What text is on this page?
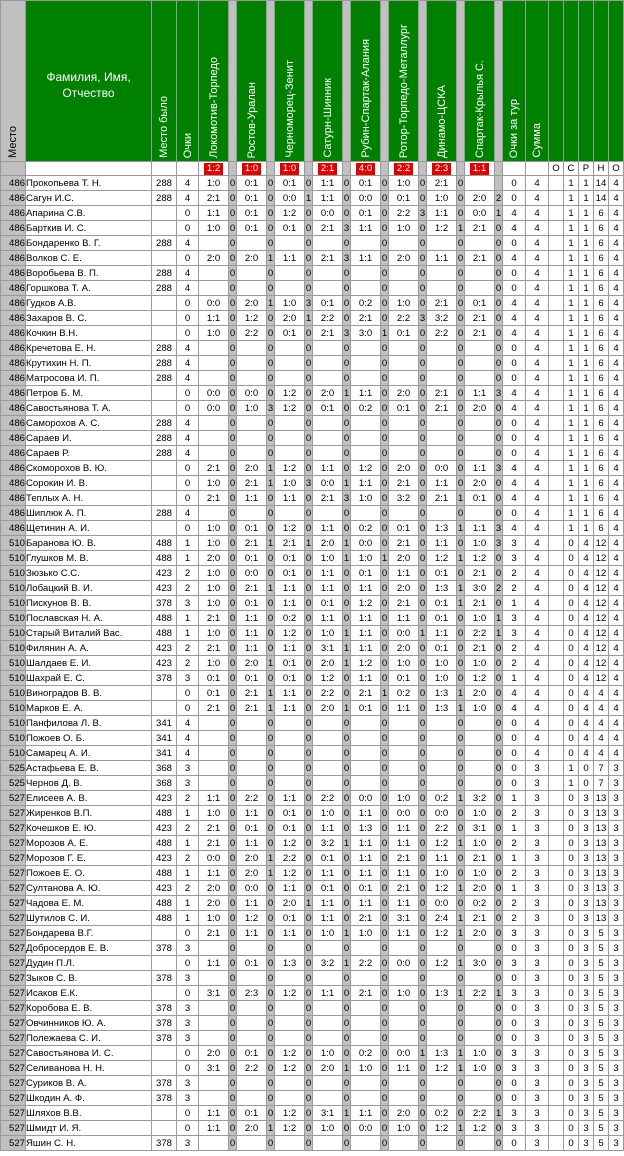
Место	Фамилия, Имя, Отчество	Место было	Очки	Локомотив-Торпедо		Ростов-Уралан		Черноморец-Зенит		Сатурн-Шинник		Рубин-Спартак-Алания		Ротор-Торпедо-Металлург		Динамо-ЦСКА		Спартак-Крылья С.		Очки за тур	Сумма					

				1:2		1:0		1:0		2:1		4:0		2:2		2:3		1:1				О	С	Р	Н	О
486	Прокопьева Т. Н.	288	4	1:0	0	0:1	0	0:1	0	1:1	0	0:1	0	1:0	0	2:1	0			0	4		1	1	14	4
486	Сагун И.С.	288	4	2:1	0	0:1	0	0:0	1	1:1	0	0:0	0	0:1	0	1:0	0	2:0	2	0	4		1	1	14	4
486	Апарина С.В.		0	1:1	0	0:1	0	1:2	0	0:0	0	0:1	0	2:2	3	1:1	0	0:0	1	4	4		1	1	6	4
486	Барткив И. С.		0	1:0	0	0:1	0	0:1	0	2:1	3	1:1	0	1:0	0	1:2	1	2:1	0	4	4		1	1	6	4
486	Бондаренко В. Г.	288	4		0		0		0		0		0		0		0		0	0	4		1	1	6	4
486	Волков С. Е.		0	2:0	0	2:0	1	1:1	0	2:1	3	1:1	0	2:0	0	1:1	0	2:1	0	4	4		1	1	6	4
486	Воробьева В. П.	288	4		0		0		0		0		0		0		0		0	0	4		1	1	6	4
486	Горшкова Т. А.	288	4		0		0		0		0		0		0		0		0	0	4		1	1	6	4
486	Гудков А.В.		0	0:0	0	2:0	1	1:0	3	0:1	0	0:2	0	1:0	0	2:1	0	0:1	0	4	4		1	1	6	4
486	Захаров В. С.		0	1:1	0	1:2	0	2:0	1	2:2	0	2:1	0	2:2	3	3:2	0	2:1	0	4	4		1	1	6	4
486	Кочкин В.Н.		0	1:0	0	2:2	0	0:1	0	2:1	3	3:0	1	0:1	0	2:2	0	2:1	0	4	4		1	1	6	4
486	Кречетова Е. Н.	288	4		0		0		0		0		0		0		0		0	0	4		1	1	6	4
486	Крутихин Н. П.	288	4		0		0		0		0		0		0		0		0	0	4		1	1	6	4
486	Матросова И. П.	288	4		0		0		0		0		0		0		0		0	0	4		1	1	6	4
486	Петров Б. М.		0	0:0	0	0:0	0	1:2	0	2:0	1	1:1	0	2:0	0	2:1	0	1:1	3	4	4		1	1	6	4
486	Савостьянова Т. А.		0	0:0	0	1:0	3	1:2	0	0:1	0	0:2	0	0:1	0	2:1	0	2:0	0	4	4		1	1	6	4
486	Саморохов А. С.	288	4		0		0		0		0		0		0		0		0	0	4		1	1	6	4
486	Сараев И.	288	4		0		0		0		0		0		0		0		0	0	4		1	1	6	4
486	Сараев Р.	288	4		0		0		0		0		0		0		0		0	0	4		1	1	6	4
486	Скоморохов В. Ю.		0	2:1	0	2:0	1	1:2	0	1:1	0	1:2	0	2:0	0	0:0	0	1:1	3	4	4		1	1	6	4
486	Сорокин И. В.		0	1:0	0	2:1	1	1:0	3	0:0	1	1:1	0	2:1	0	1:1	0	2:0	0	4	4		1	1	6	4
486	Теплых А. Н.		0	2:1	0	1:1	0	1:1	0	2:1	3	1:0	0	3:2	0	2:1	1	0:1	0	4	4		1	1	6	4
486	Шиплюк А. П.	288	4		0		0		0		0		0		0		0		0	0	4		1	1	6	4
486	Щетинин А. И.		0	1:0	0	0:1	0	1:2	0	1:1	0	0:2	0	0:1	0	1:3	1	1:1	3	4	4		1	1	6	4
510	Баранова Ю. В.	488	1	1:0	0	2:1	1	2:1	1	2:0	1	0:0	0	2:1	0	1:1	0	1:0	3	3	4		0	4	12	4
510	Глушков М. В.	488	1	2:0	0	0:1	0	0:1	0	1:0	1	1:0	1	2:0	0	1:2	1	1:2	0	3	4		0	4	12	4
510	Зюзько С.С.	423	2	1:0	0	0:0	0	0:1	0	1:1	0	0:1	0	1:1	0	0:1	0	2:1	0	2	4		0	4	12	4
510	Лобацкий В. И.	423	2	1:0	0	2:1	1	1:1	0	1:1	0	1:1	0	2:0	0	1:3	1	3:0	2	2	4		0	4	12	4
510	Пискунов В. В.	378	3	1:0	0	0:1	0	1:1	0	0:1	0	1:2	0	2:1	0	0:1	1	2:1	0	1	4		0	4	12	4
510	Пославская Н. А.	488	1	2:1	0	1:1	0	0:2	0	1:1	0	1:1	0	1:1	0	0:1	0	1:0	1	3	4		0	4	12	4
510	Старый Виталий Вас.	488	1	1:0	0	1:1	0	1:2	0	1:0	1	1:1	0	0:0	1	1:1	0	2:2	1	3	4		0	4	12	4
510	Филянин А. А.	423	2	2:1	0	1:1	0	1:1	0	3:1	1	1:1	0	2:0	0	0:1	0	2:1	0	2	4		0	4	12	4
510	Шалдаев Е. И.	423	2	1:0	0	2:0	1	0:1	0	2:0	1	1:2	0	1:0	0	1:0	0	1:0	0	2	4		0	4	12	4
510	Шахрай Е. С.	378	3	0:1	0	0:1	0	0:1	0	1:2	0	1:1	0	0:1	0	1:0	0	1:2	0	1	4		0	4	12	4
510	Виноградов В. В.		0	0:1	0	2:1	1	1:1	0	2:2	0	2:1	1	0:2	0	1:3	1	2:0	0	4	4		0	4	4	4
510	Марков Е. А.		0	2:1	0	2:1	1	1:1	0	2:0	1	0:1	0	1:1	0	1:3	1	1:0	0	4	4		0	4	4	4
510	Панфилова Л. В.	341	4		0		0		0		0		0		0		0		0	0	4		0	4	4	4
510	Пожоев О. Б.	341	4		0		0		0		0		0		0		0		0	0	4		0	4	4	4
510	Самарец А. И.	341	4		0		0		0		0		0		0		0		0	0	4		0	4	4	4
525	Астафьева Е. В.	368	3		0		0		0		0		0		0		0		0	0	3		1	0	7	3
525	Чернов Д. В.	368	3		0		0		0		0		0		0		0		0	0	3		1	0	7	3
527	Елисеев А. В.	423	2	1:1	0	2:2	0	1:1	0	2:2	0	0:0	0	1:0	0	0:2	1	3:2	0	1	3		0	3	13	3
527	Жиренков В.П.	488	1	1:0	0	1:1	0	0:1	0	1:0	0	1:1	0	0:0	0	0:0	0	1:0	0	2	3		0	3	13	3
527	Кочешков Е. Ю.	423	2	2:1	0	0:1	0	0:1	0	1:1	0	1:3	0	1:1	0	2:2	0	3:1	0	1	3		0	3	13	3
527	Морозов А. Е.	488	1	2:1	0	1:1	0	1:2	0	3:2	1	1:1	0	1:1	0	1:2	1	1:0	0	2	3		0	3	13	3
527	Морозов Г. Е.	423	2	0:0	0	2:0	1	2:2	0	0:1	0	1:1	0	2:1	0	1:1	0	2:1	0	1	3		0	3	13	3
527	Пожоев Е. О.	488	1	1:1	0	2:0	1	1:2	0	1:1	0	1:1	0	1:1	0	1:0	0	1:0	0	2	3		0	3	13	3
527	Султанова А. Ю.	423	2	2:0	0	0:0	0	1:1	0	0:1	0	0:1	0	2:1	0	1:2	1	2:0	0	1	3		0	3	13	3
527	Чадова Е. М.	488	1	2:0	0	1:1	0	2:0	1	1:1	0	1:1	0	1:1	0	0:0	0	0:2	0	2	3		0	3	13	3
527	Шутилов С. И.	488	1	1:0	0	1:2	0	0:1	0	1:1	0	2:1	0	3:1	0	2:4	1	2:1	0	2	3		0	3	13	3
527	Бондарева В.Г.		0	2:1	0	1:1	0	1:1	0	1:0	1	1:0	0	1:1	0	1:2	1	2:0	0	3	3		0	3	5	3
527	Добросердов Е. В.	378	3		0		0		0		0		0		0		0		0	0	3		0	3	5	3
527	Дудин П.Л.		0	1:1	0	0:1	0	1:3	0	3:2	1	2:2	0	0:0	0	1:2	1	3:0	0	3	3		0	3	5	3
527	Зыков С. В.	378	3		0		0		0		0		0		0		0		0	0	3		0	3	5	3
527	Исаков Е.К.		0	3:1	0	2:3	0	1:2	0	1:1	0	2:1	0	1:0	0	1:3	1	2:2	1	3	3		0	3	5	3
527	Коробова Е. В.	378	3		0		0		0		0		0		0		0		0	0	3		0	3	5	3
527	Овчинников Ю. А.	378	3		0		0		0		0		0		0		0		0	0	3		0	3	5	3
527	Полежаева С. И.	378	3		0		0		0		0		0		0		0		0	0	3		0	3	5	3
527	Савостьянова И. С.		0	2:0	0	0:1	0	1:2	0	1:0	0	0:2	0	0:0	1	1:3	1	1:0	0	3	3		0	3	5	3
527	Селиванова Н. Н.		0	3:1	0	2:2	0	1:2	0	2:0	1	1:0	0	1:1	0	1:2	1	1:0	0	3	3		0	3	5	3
527	Суриков В. А.	378	3		0		0		0		0		0		0		0		0	0	3		0	3	5	3
527	Шкодин А. Ф.	378	3		0		0		0		0		0		0		0		0	0	3		0	3	5	3
527	Шляхов В.В.		0	1:1	0	0:1	0	1:2	0	3:1	1	1:1	0	2:0	0	0:2	0	2:2	1	3	3		0	3	5	3
527	Шмидт И. Я.		0	1:1	0	2:0	1	1:2	0	1:0	0	0:0	0	1:0	0	1:2	1	1:2	0	3	3		0	3	5	3
527	Яшин С. Н.	378	3		0		0		0		0		0		0		0		0	0	3		0	3	5	3
